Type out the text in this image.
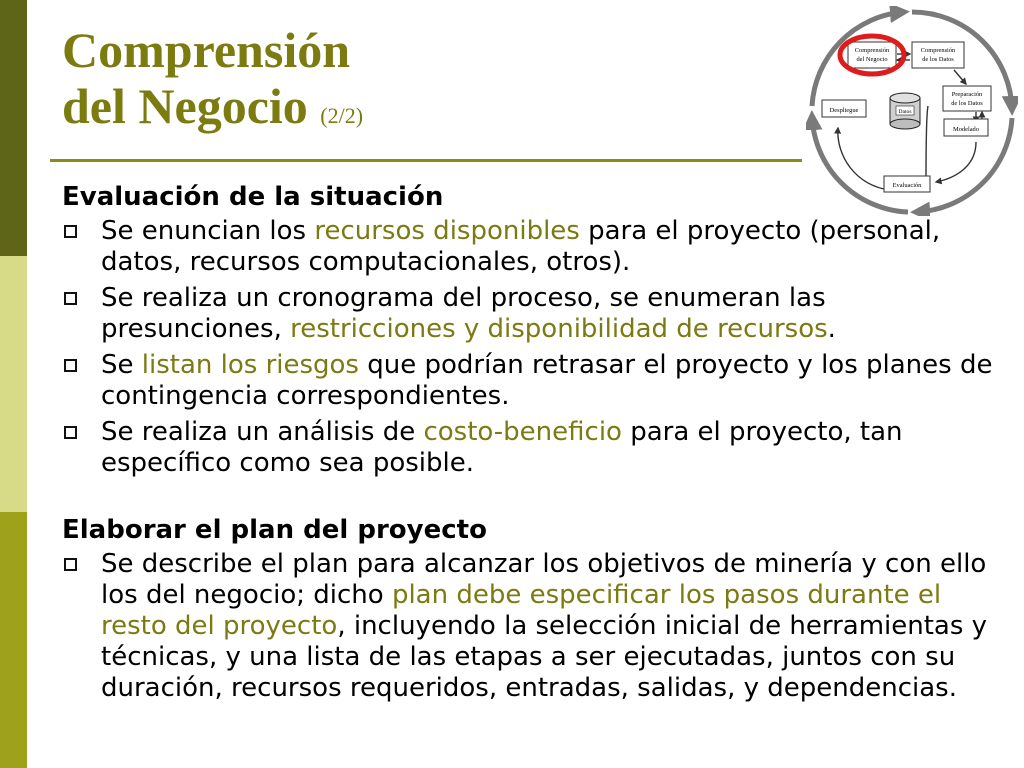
Comprensión
del Negocio (2/2)
Comprensión
del Negocio
Comprensión
de los Datos
Preparación
de los Datos
Modelado
Evaluación
Despliegue	Datos
Evaluación de la situación
Se enuncian los recursos disponibles para el proyecto (personal, datos, recursos computacionales, otros).
Se realiza un cronograma del proceso, se enumeran las presunciones, restricciones y disponibilidad de recursos.
Se listan los riesgos que podrían retrasar el proyecto y los planes de contingencia correspondientes.
Se realiza un análisis de costo-beneficio para el proyecto, tan específico como sea posible.
Elaborar el plan del proyecto
Se describe el plan para alcanzar los objetivos de minería y con ello los del negocio; dicho plan debe especificar los pasos durante el resto del proyecto, incluyendo la selección inicial de herramientas y técnicas, y una lista de las etapas a ser ejecutadas, juntos con su duración, recursos requeridos, entradas, salidas, y dependencias.
